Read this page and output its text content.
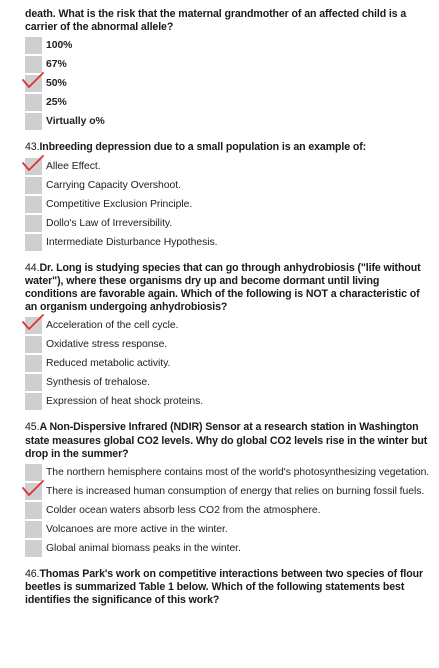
death. What is the risk that the maternal grandmother of an affected child is a carrier of the abnormal allele?
100%
67%
50%
25%
Virtually o%
43.Inbreeding depression due to a small population is an example of:
Allee Effect.
Carrying Capacity Overshoot.
Competitive Exclusion Principle.
Dollo's Law of Irreversibility.
Intermediate Disturbance Hypothesis.
44.Dr. Long is studying species that can go through anhydrobiosis ("life without water"), where these organisms dry up and become dormant until living conditions are favorable again. Which of the following is NOT a characteristic of an organism undergoing anhydrobiosis?
Acceleration of the cell cycle.
Oxidative stress response.
Reduced metabolic activity.
Synthesis of trehalose.
Expression of heat shock proteins.
45.A Non-Dispersive Infrared (NDIR) Sensor at a research station in Washington state measures global CO2 levels. Why do global CO2 levels rise in the winter but drop in the summer?
The northern hemisphere contains most of the world's photosynthesizing vegetation.
There is increased human consumption of energy that relies on burning fossil fuels.
Colder ocean waters absorb less CO2 from the atmosphere.
Volcanoes are more active in the winter.
Global animal biomass peaks in the winter.
46.Thomas Park's work on competitive interactions between two species of flour beetles is summarized Table 1 below. Which of the following statements best identifies the significance of this work?
